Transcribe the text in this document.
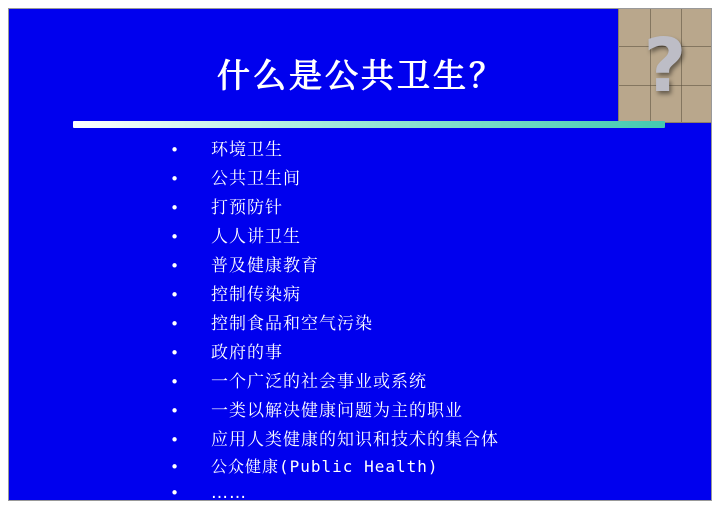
?
什么是公共卫生？
• 环境卫生
• 公共卫生间
• 打预防针
• 人人讲卫生
• 普及健康教育
• 控制传染病
• 控制食品和空气污染
• 政府的事
• 一个广泛的社会事业或系统
• 一类以解决健康问题为主的职业
• 应用人类健康的知识和技术的集合体
• 公众健康(Public Health)
• ……
